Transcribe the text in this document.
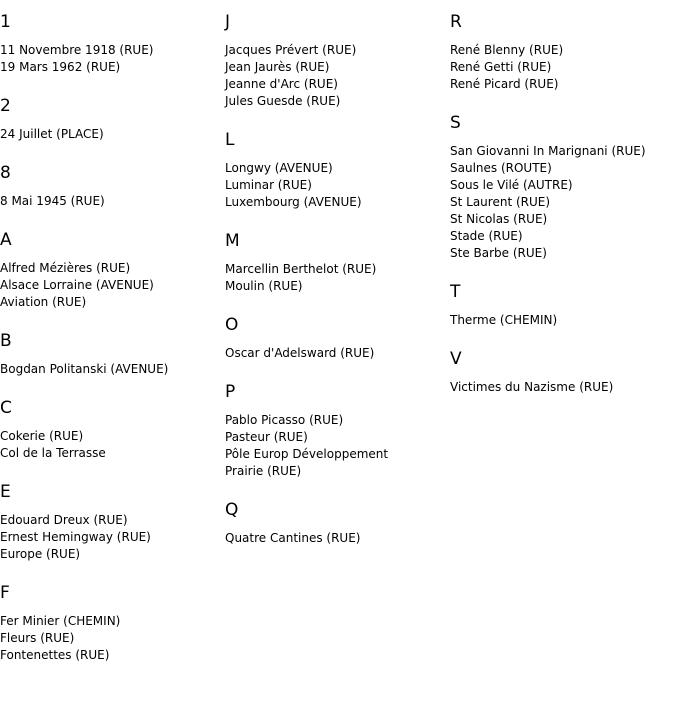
1
11 Novembre 1918 (RUE)
19 Mars 1962 (RUE)
2
24 Juillet (PLACE)
8
8 Mai 1945 (RUE)
A
Alfred Mézières (RUE)
Alsace Lorraine (AVENUE)
Aviation (RUE)
B
Bogdan Politanski (AVENUE)
C
Cokerie (RUE)
Col de la Terrasse
E
Edouard Dreux (RUE)
Ernest Hemingway (RUE)
Europe (RUE)
F
Fer Minier (CHEMIN)
Fleurs (RUE)
Fontenettes (RUE)
J
Jacques Prévert (RUE)
Jean Jaurès (RUE)
Jeanne d'Arc (RUE)
Jules Guesde (RUE)
L
Longwy (AVENUE)
Luminar (RUE)
Luxembourg (AVENUE)
M
Marcellin Berthelot (RUE)
Moulin (RUE)
O
Oscar d'Adelsward (RUE)
P
Pablo Picasso (RUE)
Pasteur (RUE)
Pôle Europ Développement
Prairie (RUE)
Q
Quatre Cantines (RUE)
R
René Blenny (RUE)
René Getti (RUE)
René Picard (RUE)
S
San Giovanni In Marignani (RUE)
Saulnes (ROUTE)
Sous le Vilé (AUTRE)
St Laurent (RUE)
St Nicolas (RUE)
Stade (RUE)
Ste Barbe (RUE)
T
Therme (CHEMIN)
V
Victimes du Nazisme (RUE)
